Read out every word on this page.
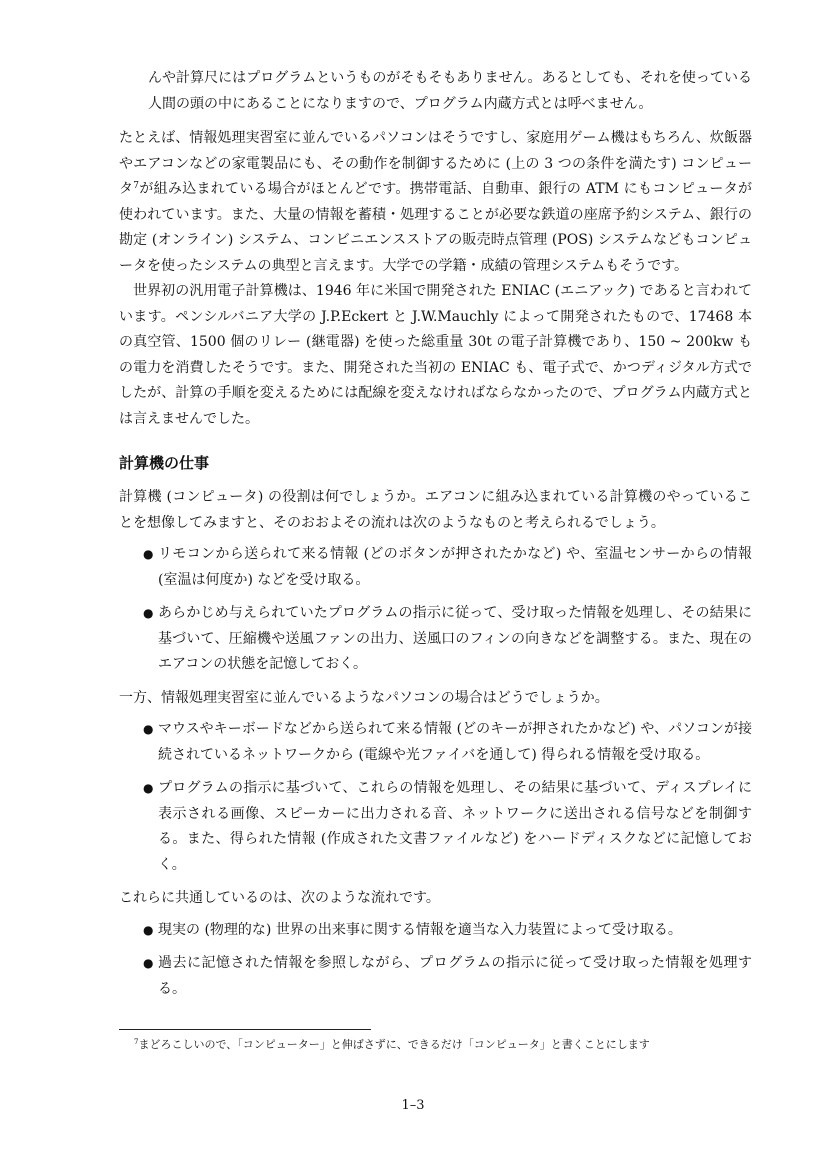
んや計算尺にはプログラムというものがそもそもありません。あるとしても、それを使っている人間の頭の中にあることになりますので、プログラム内蔵方式とは呼べません。

たとえば、情報処理実習室に並んでいるパソコンはそうですし、家庭用ゲーム機はもちろん、炊飯器やエアコンなどの家電製品にも、その動作を制御するために (上の 3 つの条件を満たす) コンピュータ$^7$が組み込まれている場合がほとんどです。携帯電話、自動車、銀行の ATM にもコンピュータが使われています。また、大量の情報を蓄積・処理することが必要な鉄道の座席予約システム、銀行の勘定 (オンライン) システム、コンビニエンスストアの販売時点管理 (POS) システムなどもコンピュータを使ったシステムの典型と言えます。大学での学籍・成績の管理システムもそうです。

世界初の汎用電子計算機は、1946 年に米国で開発された ENIAC (エニアック) であると言われています。ペンシルバニア大学の J.P.Eckert と J.W.Mauchly によって開発されたもので、17468 本の真空管、1500 個のリレー (継電器) を使った総重量 30t の電子計算機であり、150 ~ 200kw もの電力を消費したそうです。また、開発された当初の ENIAC も、電子式で、かつディジタル方式でしたが、計算の手順を変えるためには配線を変えなければならなかったので、プログラム内蔵方式とは言えませんでした。

計算機の仕事

計算機 (コンピュータ) の役割は何でしょうか。エアコンに組み込まれている計算機のやっていることを想像してみますと、そのおおよその流れは次のようなものと考えられるでしょう。

● リモコンから送られて来る情報 (どのボタンが押されたかなど) や、室温センサーからの情報 (室温は何度か) などを受け取る。

● あらかじめ与えられていたプログラムの指示に従って、受け取った情報を処理し、その結果に基づいて、圧縮機や送風ファンの出力、送風口のフィンの向きなどを調整する。また、現在のエアコンの状態を記憶しておく。

一方、情報処理実習室に並んでいるようなパソコンの場合はどうでしょうか。

● マウスやキーボードなどから送られて来る情報 (どのキーが押されたかなど) や、パソコンが接続されているネットワークから (電線や光ファイバを通して) 得られる情報を受け取る。

● プログラムの指示に基づいて、これらの情報を処理し、その結果に基づいて、ディスプレイに表示される画像、スピーカーに出力される音、ネットワークに送出される信号などを制御する。また、得られた情報 (作成された文書ファイルなど) をハードディスクなどに記憶しておく。

これらに共通しているのは、次のような流れです。

● 現実の (物理的な) 世界の出来事に関する情報を適当な入力装置によって受け取る。

● 過去に記憶された情報を参照しながら、プログラムの指示に従って受け取った情報を処理する。

$^7$まどろこしいので、「コンピューター」と伸ばさずに、できるだけ「コンピュータ」と書くことにします
1–3
